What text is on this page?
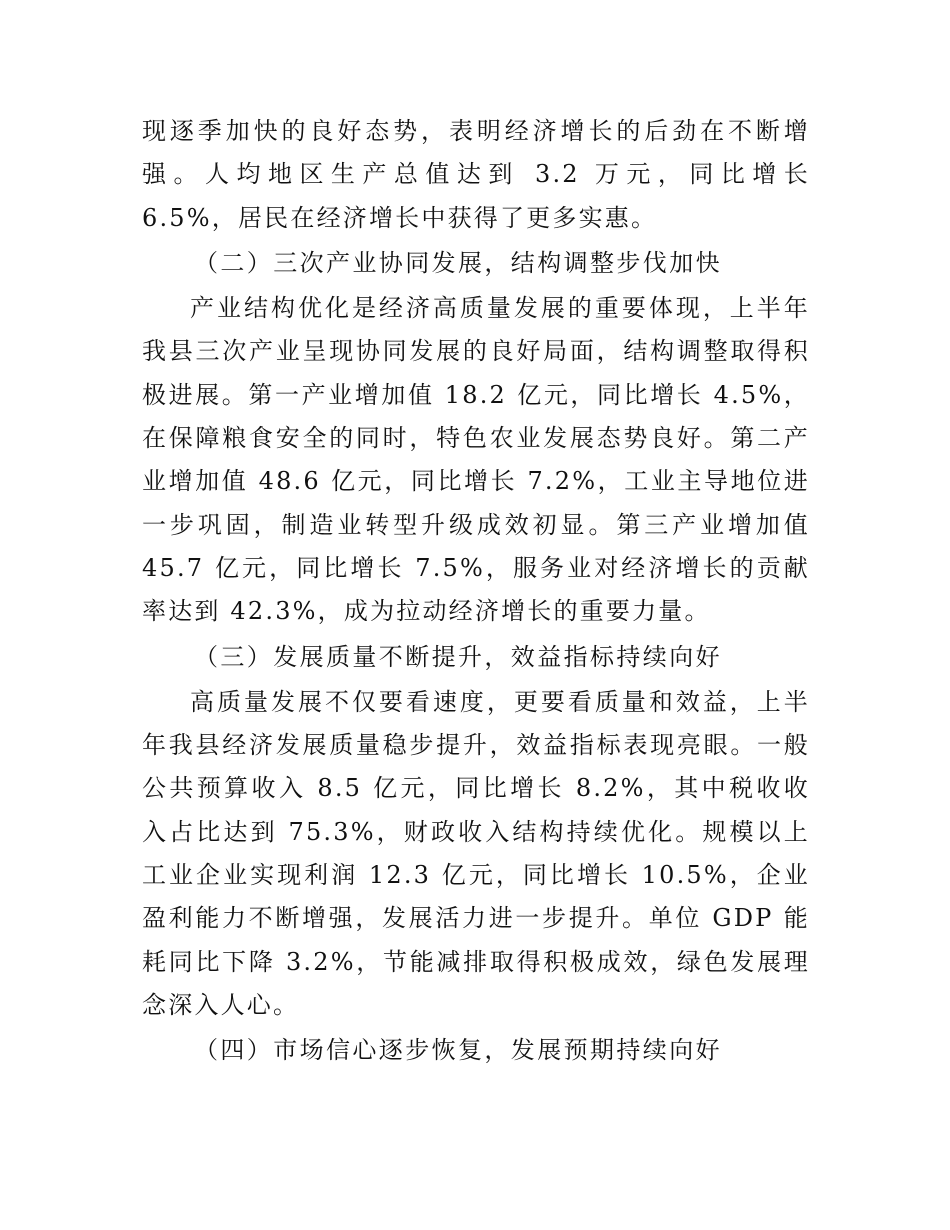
现逐季加快的良好态势，表明经济增长的后劲在不断增强。人均地区生产总值达到 3.2 万元，同比增长 6.5%，居民在经济增长中获得了更多实惠。

（二）三次产业协同发展，结构调整步伐加快

产业结构优化是经济高质量发展的重要体现，上半年我县三次产业呈现协同发展的良好局面，结构调整取得积极进展。第一产业增加值 18.2 亿元，同比增长 4.5%，在保障粮食安全的同时，特色农业发展态势良好。第二产业增加值 48.6 亿元，同比增长 7.2%，工业主导地位进一步巩固，制造业转型升级成效初显。第三产业增加值 45.7 亿元，同比增长 7.5%，服务业对经济增长的贡献率达到 42.3%，成为拉动经济增长的重要力量。

（三）发展质量不断提升，效益指标持续向好

高质量发展不仅要看速度，更要看质量和效益，上半年我县经济发展质量稳步提升，效益指标表现亮眼。一般公共预算收入 8.5 亿元，同比增长 8.2%，其中税收收入占比达到 75.3%，财政收入结构持续优化。规模以上工业企业实现利润 12.3 亿元，同比增长 10.5%，企业盈利能力不断增强，发展活力进一步提升。单位 GDP 能耗同比下降 3.2%，节能减排取得积极成效，绿色发展理念深入人心。

（四）市场信心逐步恢复，发展预期持续向好
